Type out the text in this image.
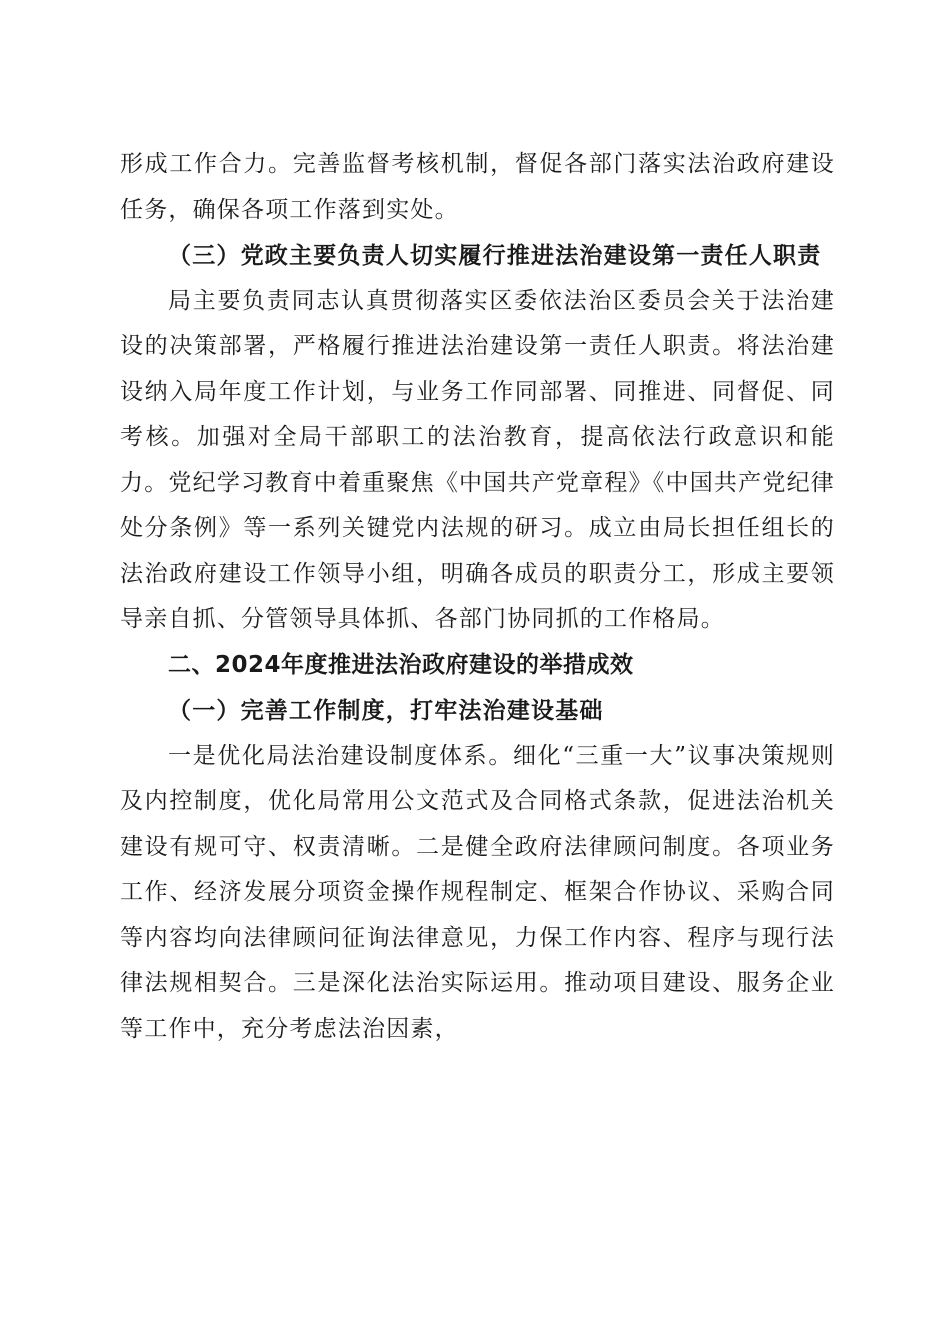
形成工作合力。完善监督考核机制，督促各部门落实法治政府建设任务，确保各项工作落到实处。

（三）党政主要负责人切实履行推进法治建设第一责任人职责

局主要负责同志认真贯彻落实区委依法治区委员会关于法治建设的决策部署，严格履行推进法治建设第一责任人职责。将法治建设纳入局年度工作计划，与业务工作同部署、同推进、同督促、同考核。加强对全局干部职工的法治教育，提高依法行政意识和能力。党纪学习教育中着重聚焦《中国共产党章程》《中国共产党纪律处分条例》等一系列关键党内法规的研习。成立由局长担任组长的法治政府建设工作领导小组，明确各成员的职责分工，形成主要领导亲自抓、分管领导具体抓、各部门协同抓的工作格局。

二、2024年度推进法治政府建设的举措成效

（一）完善工作制度，打牢法治建设基础

一是优化局法治建设制度体系。细化“三重一大”议事决策规则及内控制度，优化局常用公文范式及合同格式条款，促进法治机关建设有规可守、权责清晰。二是健全政府法律顾问制度。各项业务工作、经济发展分项资金操作规程制定、框架合作协议、采购合同等内容均向法律顾问征询法律意见，力保工作内容、程序与现行法律法规相契合。三是深化法治实际运用。推动项目建设、服务企业等工作中，充分考虑法治因素，
